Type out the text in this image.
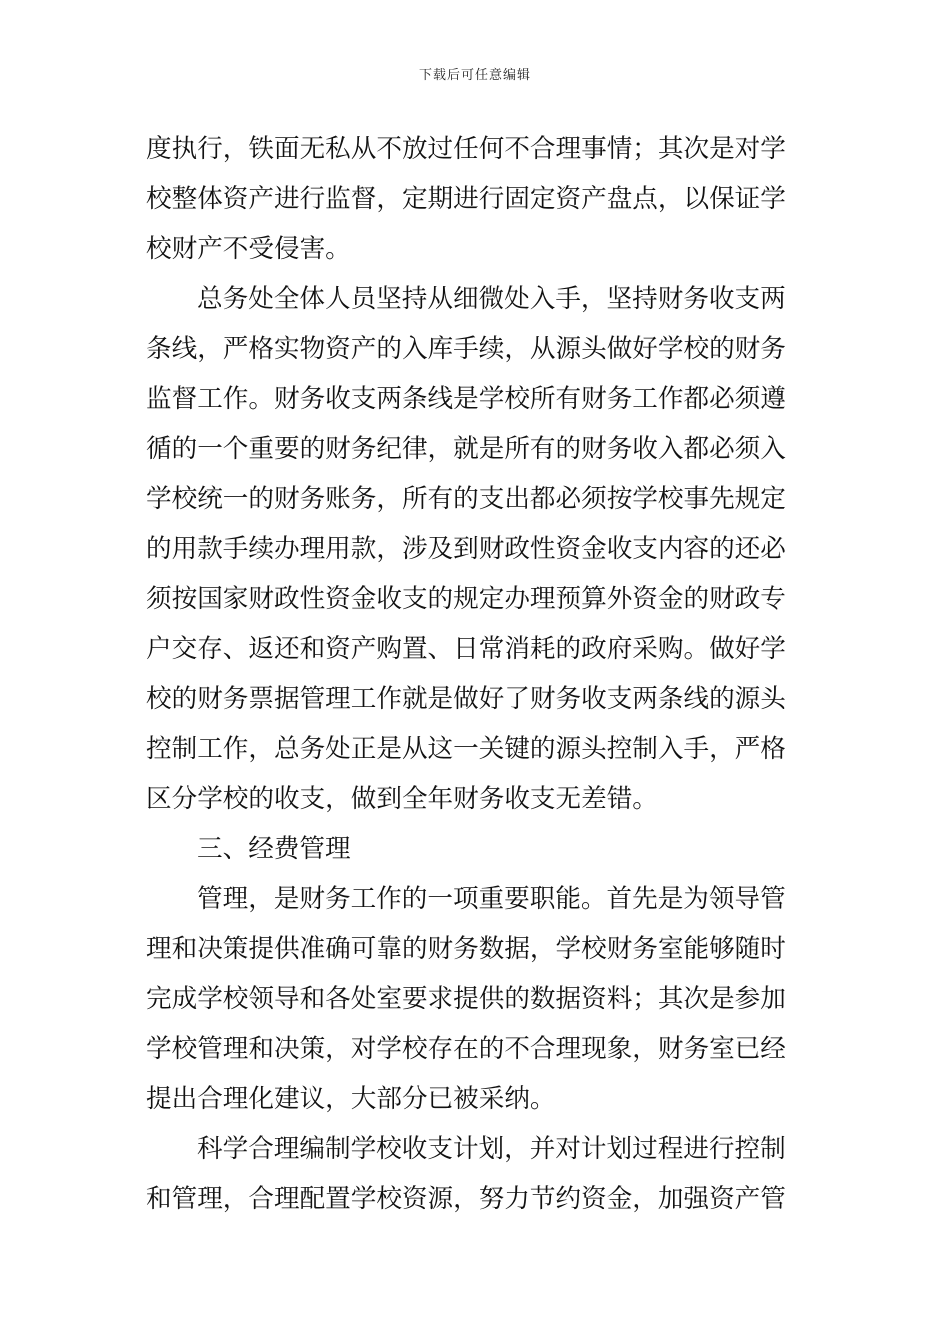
下载后可任意编辑
度执行，铁面无私从不放过任何不合理事情；其次是对学
校整体资产进行监督，定期进行固定资产盘点，以保证学
校财产不受侵害。
总务处全体人员坚持从细微处入手，坚持财务收支两
条线，严格实物资产的入库手续，从源头做好学校的财务
监督工作。财务收支两条线是学校所有财务工作都必须遵
循的一个重要的财务纪律，就是所有的财务收入都必须入
学校统一的财务账务，所有的支出都必须按学校事先规定
的用款手续办理用款，涉及到财政性资金收支内容的还必
须按国家财政性资金收支的规定办理预算外资金的财政专
户交存、返还和资产购置、日常消耗的政府采购。做好学
校的财务票据管理工作就是做好了财务收支两条线的源头
控制工作，总务处正是从这一关键的源头控制入手，严格
区分学校的收支，做到全年财务收支无差错。
三、经费管理
管理，是财务工作的一项重要职能。首先是为领导管
理和决策提供准确可靠的财务数据，学校财务室能够随时
完成学校领导和各处室要求提供的数据资料；其次是参加
学校管理和决策，对学校存在的不合理现象，财务室已经
提出合理化建议，大部分已被采纳。
科学合理编制学校收支计划，并对计划过程进行控制
和管理，合理配置学校资源，努力节约资金，加强资产管
